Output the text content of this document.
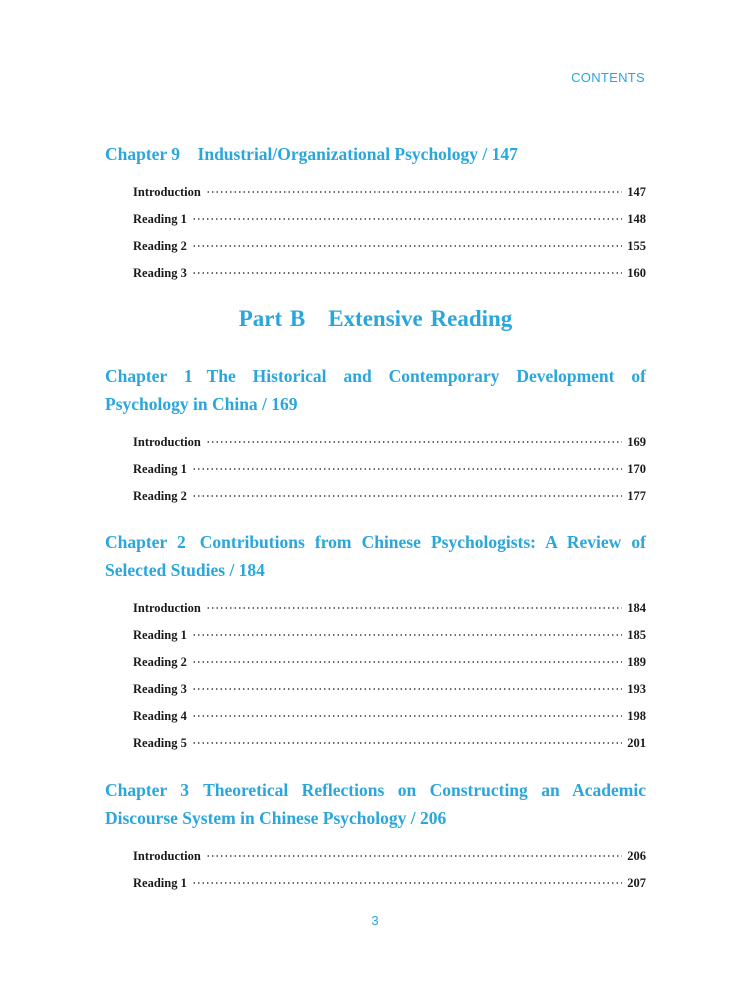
CONTENTS
Chapter 9 Industrial/Organizational Psychology / 147
Introduction	147
Reading 1	148
Reading 2	155
Reading 3	160
Part B Extensive Reading
Chapter 1 The Historical and Contemporary Development of Psychology in China / 169
Introduction	169
Reading 1	170
Reading 2	177
Chapter 2 Contributions from Chinese Psychologists: A Review of Selected Studies / 184
Introduction	184
Reading 1	185
Reading 2	189
Reading 3	193
Reading 4	198
Reading 5	201
Chapter 3 Theoretical Reflections on Constructing an Academic Discourse System in Chinese Psychology / 206
Introduction	206
Reading 1	207
3
